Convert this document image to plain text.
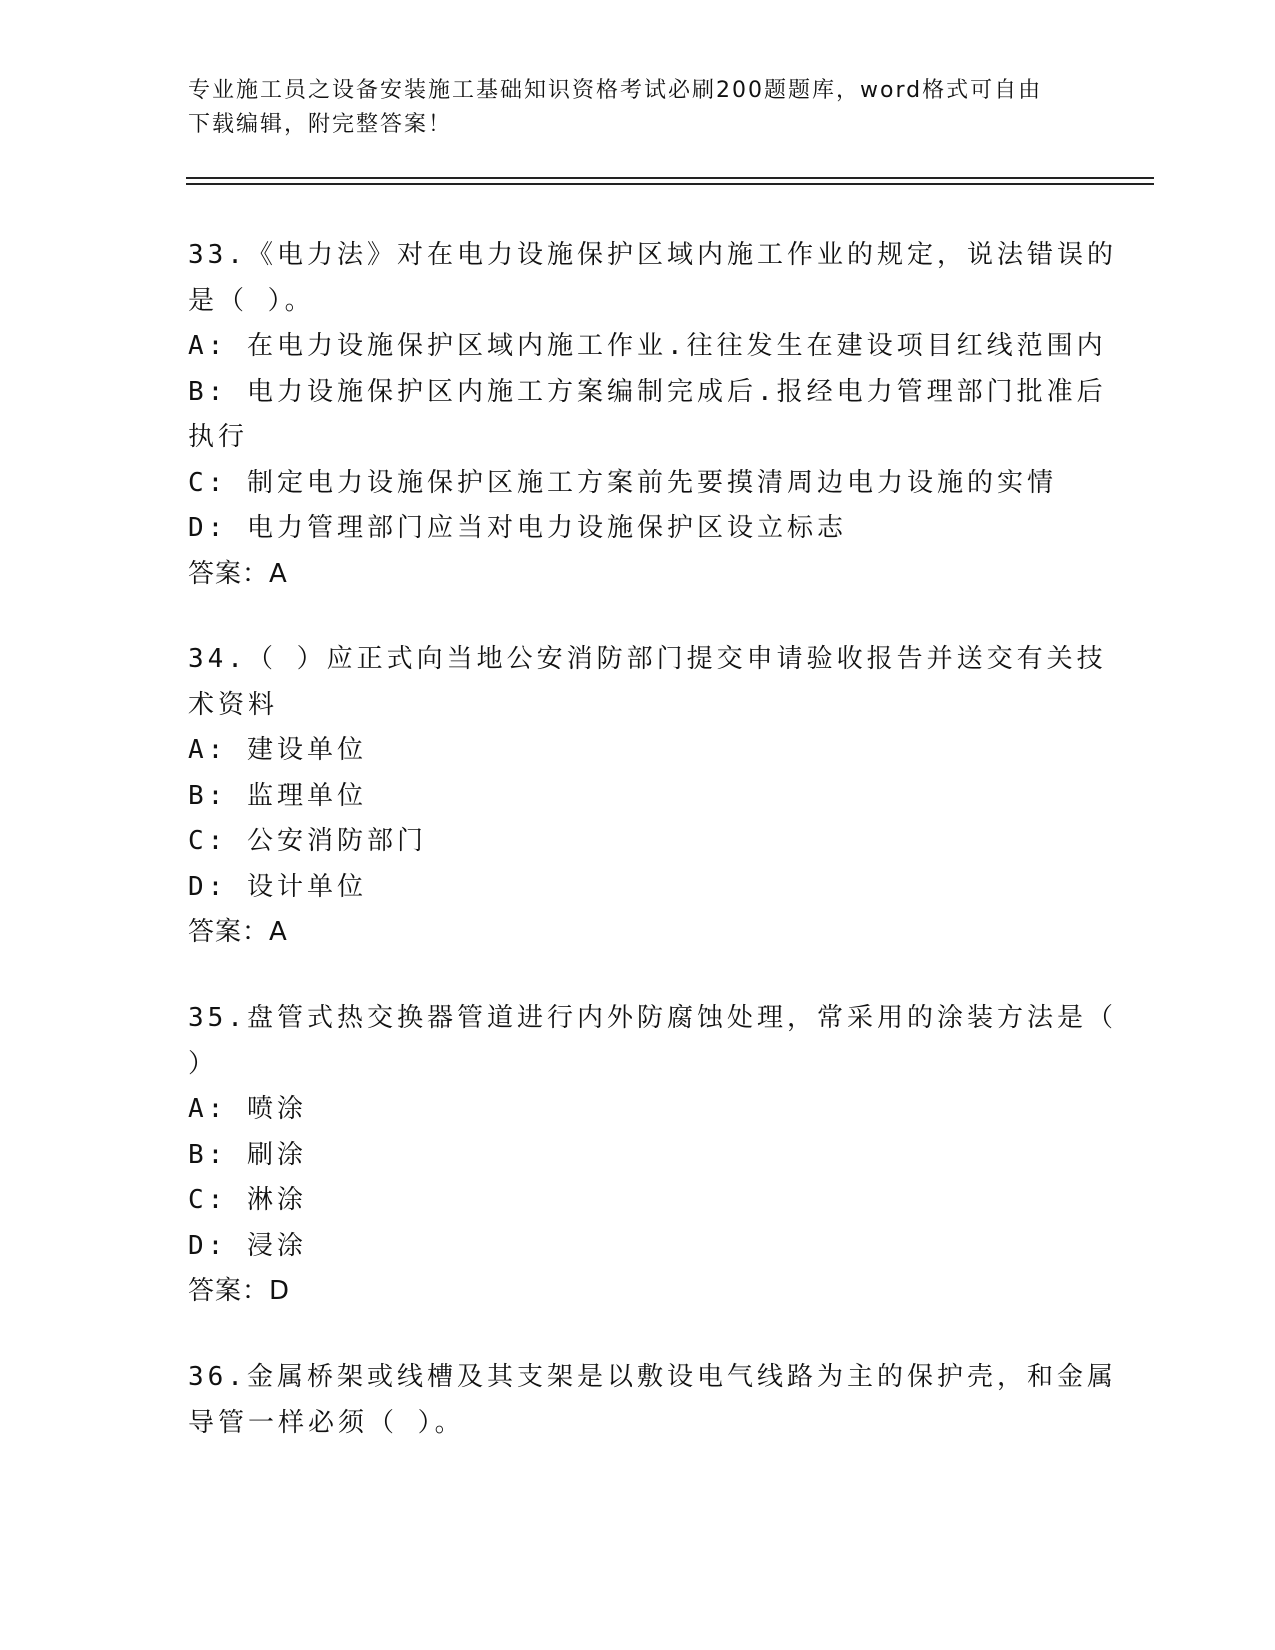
专业施工员之设备安装施工基础知识资格考试必刷200题题库，word格式可自由
下载编辑，附完整答案！

33.《电力法》对在电力设施保护区域内施工作业的规定，说法错误的

是（ ）。

A: 在电力设施保护区域内施工作业.往往发生在建设项目红线范围内

B: 电力设施保护区内施工方案编制完成后.报经电力管理部门批准后

执行

C: 制定电力设施保护区施工方案前先要摸清周边电力设施的实情

D: 电力管理部门应当对电力设施保护区设立标志

答案：A

34.（ ）应正式向当地公安消防部门提交申请验收报告并送交有关技

术资料

A: 建设单位

B: 监理单位

C: 公安消防部门

D: 设计单位

答案：A

35.盘管式热交换器管道进行内外防腐蚀处理，常采用的涂装方法是（

）

A: 喷涂

B: 刷涂

C: 淋涂

D: 浸涂

答案：D

36.金属桥架或线槽及其支架是以敷设电气线路为主的保护壳，和金属

导管一样必须（ ）。
